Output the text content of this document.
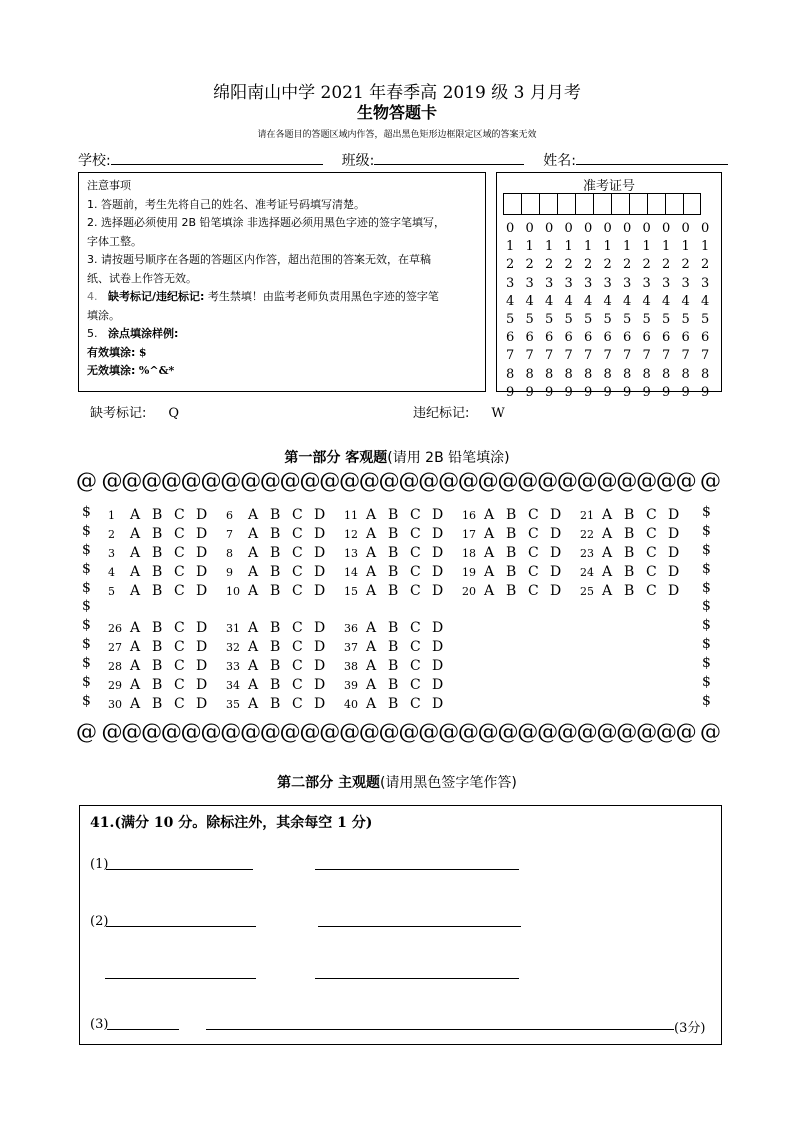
绵阳南山中学 2021 年春季高 2019 级 3 月月考
生物答题卡
请在各题目的答题区域内作答，超出黑色矩形边框限定区域的答案无效
学校:	班级:	姓名:
注意事项
1. 答题前，考生先将自己的姓名、准考证号码填写清楚。
2. 选择题必须使用 2B 铅笔填涂 非选择题必须用黑色字迹的签字笔填写，
字体工整。
3. 请按题号顺序在各题的答题区内作答，超出范围的答案无效，在草稿
纸、试卷上作答无效。
4. 缺考标记/违纪标记: 考生禁填！由监考老师负责用黑色字迹的签字笔
填涂。
5. 涂点填涂样例:
有效填涂: $
无效填涂: %^&*
准考证号
0 0 0 0 0 0 0 0 0 0 0
1 1 1 1 1 1 1 1 1 1 1
2 2 2 2 2 2 2 2 2 2 2
3 3 3 3 3 3 3 3 3 3 3
4 4 4 4 4 4 4 4 4 4 4
5 5 5 5 5 5 5 5 5 5 5
6 6 6 6 6 6 6 6 6 6 6
7 7 7 7 7 7 7 7 7 7 7
8 8 8 8 8 8 8 8 8 8 8
9 9 9 9 9 9 9 9 9 9 9
缺考标记: Q	违纪标记: W
第一部分 客观题(请用 2B 铅笔填涂)
@ @@@@@@@@@@@@@@@@@@@@@@@@@@@@@@ @
$
$
$
$
$
$
$
$
$
$
$
$
$
$
$
$
$
$
$
$
$
$
1 A B C D	6 A B C D	11 A B C D	16 A B C D	21 A B C D
2 A B C D	7 A B C D	12 A B C D	17 A B C D	22 A B C D
3 A B C D	8 A B C D	13 A B C D	18 A B C D	23 A B C D
4 A B C D	9 A B C D	14 A B C D	19 A B C D	24 A B C D
5 A B C D	10 A B C D	15 A B C D	20 A B C D	25 A B C D
26 A B C D	31 A B C D	36 A B C D
27 A B C D	32 A B C D	37 A B C D
28 A B C D	33 A B C D	38 A B C D
29 A B C D	34 A B C D	39 A B C D
30 A B C D	35 A B C D	40 A B C D
@ @@@@@@@@@@@@@@@@@@@@@@@@@@@@@@ @
第二部分 主观题(请用黑色签字笔作答)
41.(满分 10 分。除标注外，其余每空 1 分)
(1)
(2)
(3)	(3分)
